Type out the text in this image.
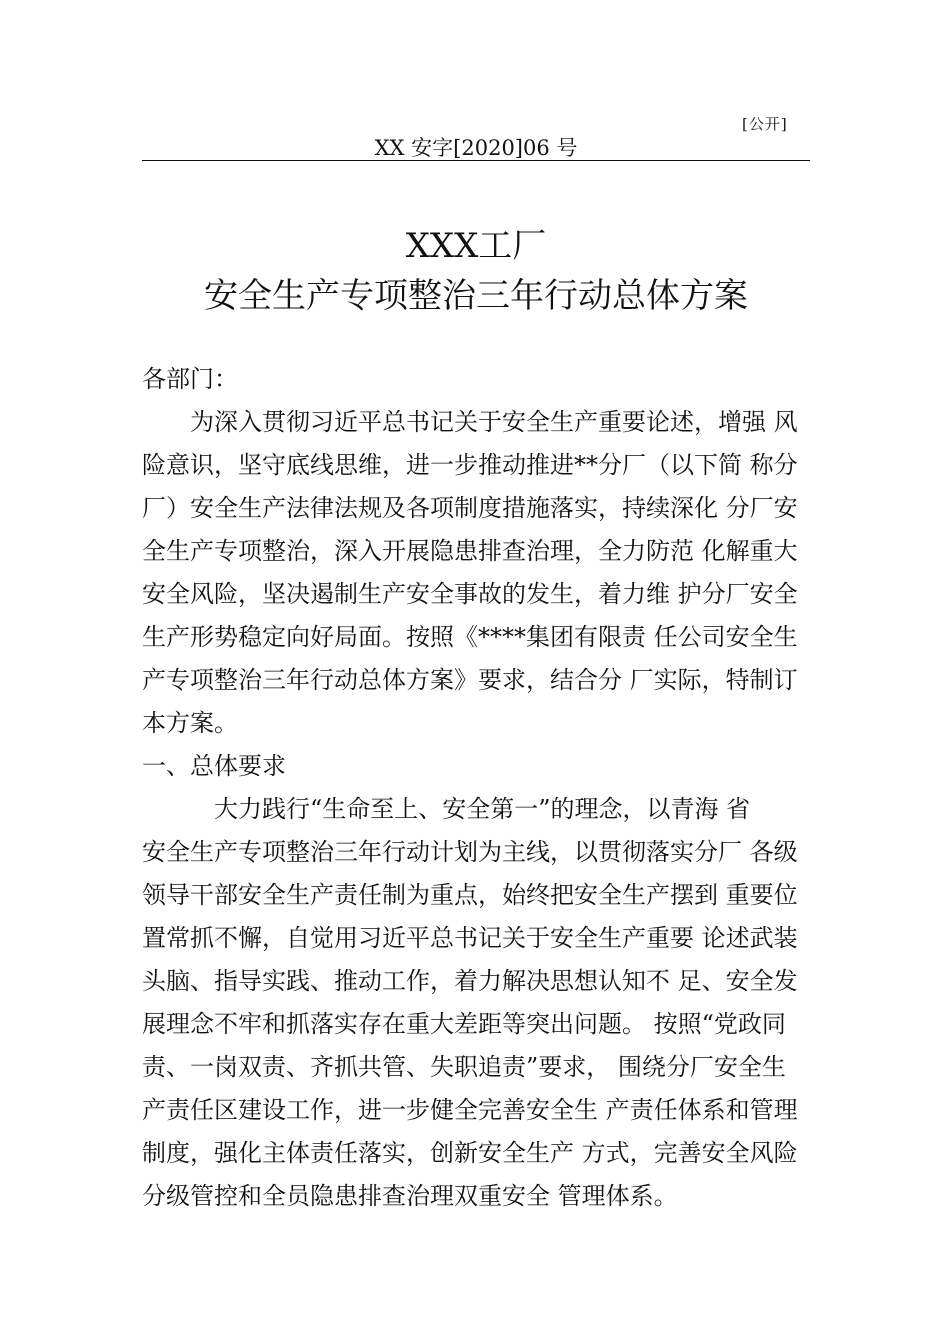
[公开]
XX 安字[2020]06 号
XXX工厂
安全生产专项整治三年行动总体方案
各部门：
　　为深入贯彻习近平总书记关于安全生产重要论述，增强 风
险意识，坚守底线思维，进一步推动推进**分厂（以下简 称分
厂）安全生产法律法规及各项制度措施落实，持续深化 分厂安
全生产专项整治，深入开展隐患排查治理，全力防范 化解重大
安全风险，坚决遏制生产安全事故的发生，着力维 护分厂安全
生产形势稳定向好局面。按照《****集团有限责 任公司安全生
产专项整治三年行动总体方案》要求，结合分 厂实际，特制订
本方案。
一、总体要求
　　　大力践行“生命至上、安全第一”的理念，以青海 省
安全生产专项整治三年行动计划为主线，以贯彻落实分厂 各级
领导干部安全生产责任制为重点，始终把安全生产摆到 重要位
置常抓不懈，自觉用习近平总书记关于安全生产重要 论述武装
头脑、指导实践、推动工作，着力解决思想认知不 足、安全发
展理念不牢和抓落实存在重大差距等突出问题。 按照“党政同
责、一岗双责、齐抓共管、失职追责”要求， 围绕分厂安全生
产责任区建设工作，进一步健全完善安全生 产责任体系和管理
制度，强化主体责任落实，创新安全生产 方式，完善安全风险
分级管控和全员隐患排查治理双重安全 管理体系。
